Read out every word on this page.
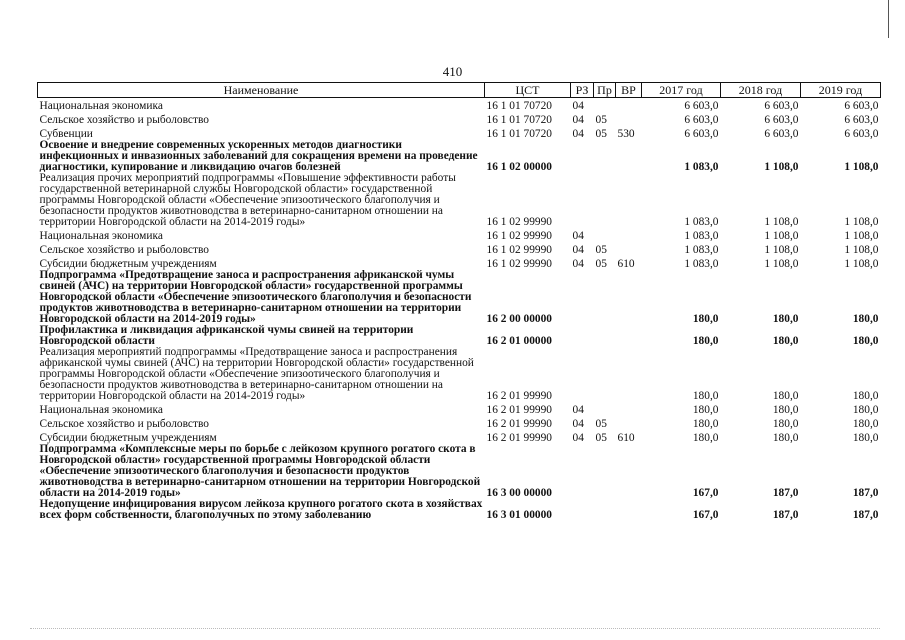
410
Наименование	ЦСТ	РЗ	Пр	ВР	2017 год	2018 год	2019 год
Национальная экономика	16 1 01 70720	04			6 603,0	6 603,0	6 603,0
Сельское хозяйство и рыболовство	16 1 01 70720	04	05		6 603,0	6 603,0	6 603,0
Субвенции	16 1 01 70720	04	05	530	6 603,0	6 603,0	6 603,0
Освоение и внедрение современных ускоренных методов диагностики инфекционных и инвазионных заболеваний для сокращения времени на проведение диагностики, купирование и ликвидацию очагов болезней	16 1 02 00000				1 083,0	1 108,0	1 108,0
Реализация прочих мероприятий подпрограммы «Повышение эффективности работы государственной ветеринарной службы Новгородской области» государственной программы Новгородской области «Обеспечение эпизоотического благополучия и безопасности продуктов животноводства в ветеринарно-санитарном отношении на территории Новгородской области на 2014-2019 годы»	16 1 02 99990				1 083,0	1 108,0	1 108,0
Национальная экономика	16 1 02 99990	04			1 083,0	1 108,0	1 108,0
Сельское хозяйство и рыболовство	16 1 02 99990	04	05		1 083,0	1 108,0	1 108,0
Субсидии бюджетным учреждениям	16 1 02 99990	04	05	610	1 083,0	1 108,0	1 108,0
Подпрограмма «Предотвращение заноса и распространения африканской чумы свиней (АЧС) на территории Новгородской области» государственной программы Новгородской области «Обеспечение эпизоотического благополучия и безопасности продуктов животноводства в ветеринарно-санитарном отношении на территории Новгородской области на 2014-2019 годы»	16 2 00 00000				180,0	180,0	180,0
Профилактика и ликвидация африканской чумы свиней на территории Новгородской области	16 2 01 00000				180,0	180,0	180,0
Реализация мероприятий подпрограммы «Предотвращение заноса и распространения африканской чумы свиней (АЧС) на территории Новгородской области» государственной программы Новгородской области «Обеспечение эпизоотического благополучия и безопасности продуктов животноводства в ветеринарно-санитарном отношении на территории Новгородской области на 2014-2019 годы»	16 2 01 99990				180,0	180,0	180,0
Национальная экономика	16 2 01 99990	04			180,0	180,0	180,0
Сельское хозяйство и рыболовство	16 2 01 99990	04	05		180,0	180,0	180,0
Субсидии бюджетным учреждениям	16 2 01 99990	04	05	610	180,0	180,0	180,0
Подпрограмма «Комплексные меры по борьбе с лейкозом крупного рогатого скота в Новгородской области» государственной программы Новгородской области «Обеспечение эпизоотического благополучия и безопасности продуктов животноводства в ветеринарно-санитарном отношении на территории Новгородской области на 2014-2019 годы»	16 3 00 00000				167,0	187,0	187,0
Недопущение инфицирования вирусом лейкоза крупного рогатого скота в хозяйствах всех форм собственности, благополучных по этому заболеванию	16 3 01 00000				167,0	187,0	187,0
